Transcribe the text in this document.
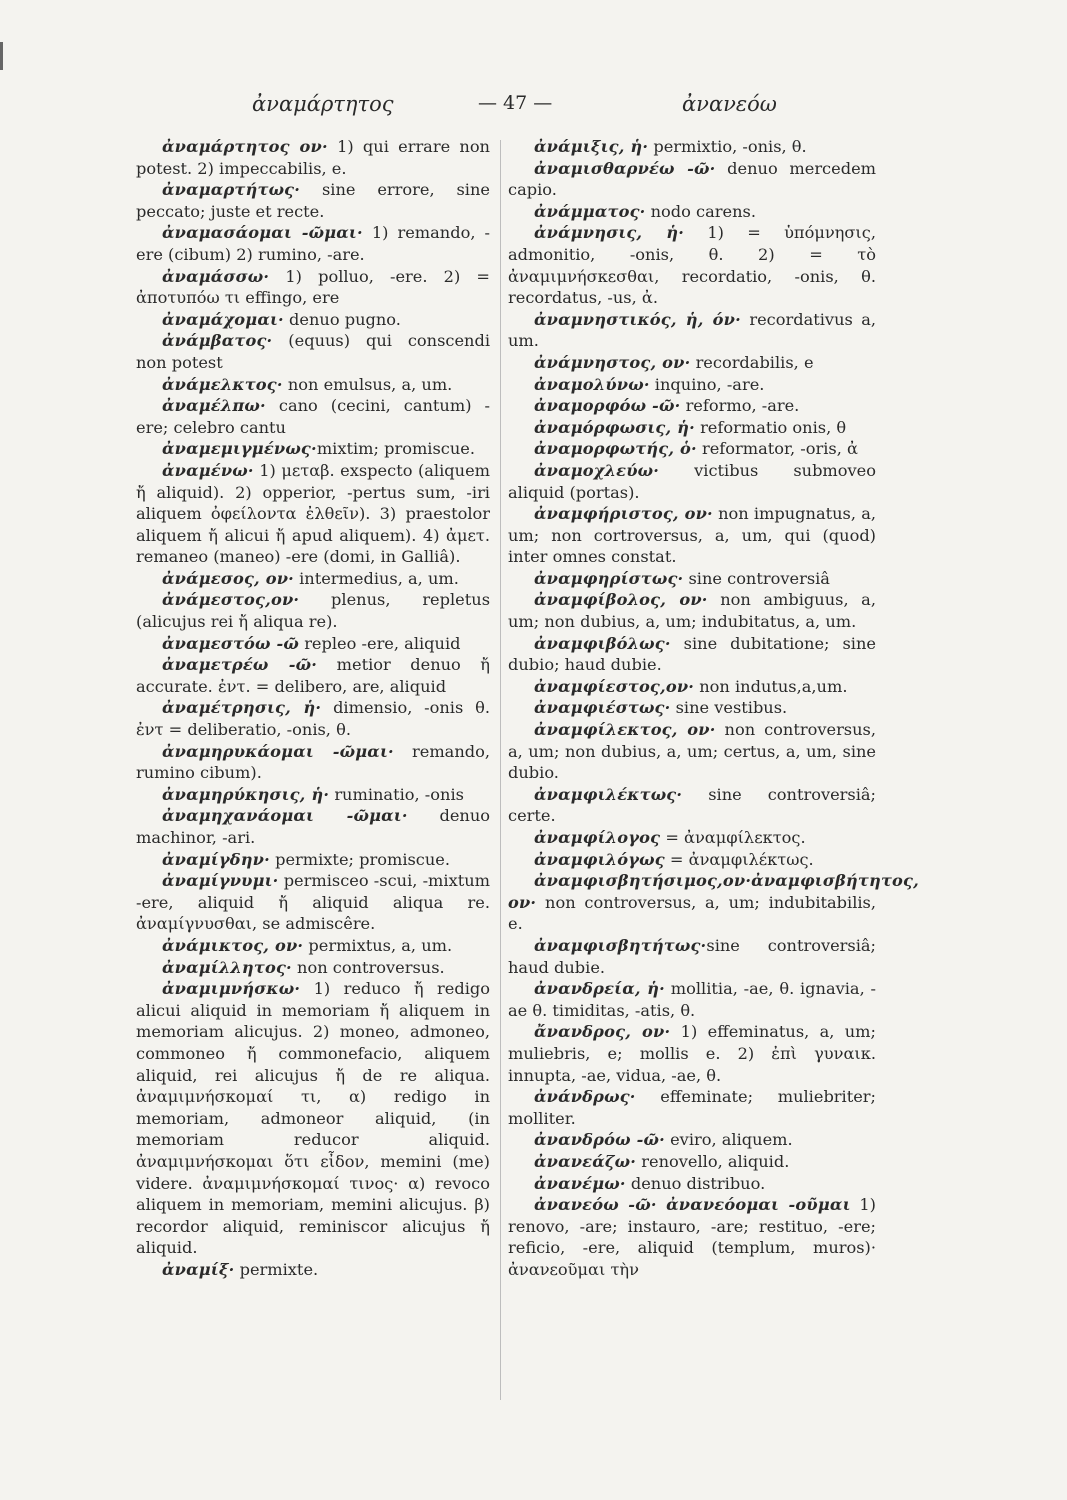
ἀναμάρτητος	— 47 —	ἀνανεόω

ἀναμάρτητος ον· 1) qui errare non potest. 2) impeccabilis, e.

ἀναμαρτήτως· sine errore, sine peccato; juste et recte.

ἀναμασάομαι -ῶμαι· 1) remando, -ere (cibum) 2) rumino, -are.

ἀναμάσσω· 1) polluo, -ere. 2) = ἀποτυπόω τι effingo, ere

ἀναμάχομαι· denuo pugno.

ἀνάμβατος· (equus) qui conscendi non potest

ἀνάμελκτος· non emulsus, a, um.

ἀναμέλπω· cano (cecini, cantum) -ere; celebro cantu

ἀναμεμιγμένως·mixtim; promiscue.

ἀναμένω· 1) μεταβ. exspecto (aliquem ἤ aliquid). 2) opperior, -pertus sum, -iri aliquem ὀφείλοντα ἐλθεῖν). 3) praestolor aliquem ἤ alicui ἤ apud aliquem). 4) ἀμετ. remaneo (maneo) -ere (domi, in Galliâ).

ἀνάμεσος, ον· intermedius, a, um.

ἀνάμεστος,ον· plenus, repletus (alicujus rei ἤ aliqua re).

ἀναμεστόω -ῶ repleo -ere, aliquid

ἀναμετρέω -ῶ· metior denuo ἤ accurate. ἐντ. = delibero, are, aliquid

ἀναμέτρησις, ἡ· dimensio, -onis θ. ἐντ = deliberatio, -onis, θ.

ἀναμηρυκάομαι -ῶμαι· remando, rumino cibum).

ἀναμηρύκησις, ἡ· ruminatio, -onis

ἀναμηχανάομαι -ῶμαι· denuo machinor, -ari.

ἀναμίγδην· permixte; promiscue.

ἀναμίγνυμι· permisceo -scui, -mixtum -ere, aliquid ἤ aliquid aliqua re. ἀναμίγνυσθαι, se admiscêre.

ἀνάμικτος, ον· permixtus, a, um.

ἀναμίλλητος· non controversus.

ἀναμιμνήσκω· 1) reduco ἤ redigo alicui aliquid in memoriam ἤ aliquem in memoriam alicujus. 2) moneo, admoneo, commoneo ἤ commonefacio, aliquem aliquid, rei alicujus ἤ de re aliqua. ἀναμιμνήσκομαί τι, α) redigo in memoriam, admoneor aliquid, (in memoriam reducor aliquid. ἀναμιμνήσκομαι ὅτι εἶδον, memini (me) videre. ἀναμιμνήσκομαί τινος· α) revoco aliquem in memoriam, memini alicujus. β) recordor aliquid, reminiscor alicujus ἤ aliquid.

ἀναμίξ· permixte.

ἀνάμιξις, ἡ· permixtio, -onis, θ.

ἀναμισθαρνέω -ῶ· denuo mercedem capio.

ἀνάμματος· nodo carens.

ἀνάμνησις, ἡ· 1) = ὑπόμνησις, admonitio, -onis, θ. 2) = τὸ ἀναμιμνήσκεσθαι, recordatio, -onis, θ. recordatus, -us, ἀ.

ἀναμνηστικός, ἡ, όν· recordativus a, um.

ἀνάμνηστος, ον· recordabilis, e

ἀναμολύνω· inquino, -are.

ἀναμορφόω -ῶ· reformo, -are.

ἀναμόρφωσις, ἡ· reformatio onis, θ

ἀναμορφωτής, ὁ· reformator, -oris, ἀ

ἀναμοχλεύω· victibus submoveo aliquid (portas).

ἀναμφήριστος, ον· non impugnatus, a, um; non cortroversus, a, um, qui (quod) inter omnes constat.

ἀναμφηρίστως· sine controversiâ

ἀναμφίβολος, ον· non ambiguus, a, um; non dubius, a, um; indubitatus, a, um.

ἀναμφιβόλως· sine dubitatione; sine dubio; haud dubie.

ἀναμφίεστος,ον· non indutus,a,um.

ἀναμφιέστως· sine vestibus.

ἀναμφίλεκτος, ον· non controversus, a, um; non dubius, a, um; certus, a, um, sine dubio.

ἀναμφιλέκτως· sine controversiâ; certe.

ἀναμφίλογος = ἀναμφίλεκτος.

ἀναμφιλόγως = ἀναμφιλέκτως.

ἀναμφισβητήσιμος,ον·ἀναμφισβήτητος, ον· non controversus, a, um; indubitabilis, e.

ἀναμφισβητήτως·sine controversiâ; haud dubie.

ἀνανδρεία, ἡ· mollitia, -ae, θ. ignavia, -ae θ. timiditas, -atis, θ.

ἄνανδρος, ον· 1) effeminatus, a, um; muliebris, e; mollis e. 2) ἐπὶ γυναικ. innupta, -ae, vidua, -ae, θ.

ἀνάνδρως· effeminate; muliebriter; molliter.

ἀνανδρόω -ῶ· eviro, aliquem.

ἀνανεάζω· renovello, aliquid.

ἀνανέμω· denuo distribuo.

ἀνανεόω -ῶ· ἀνανεόομαι -οῦμαι 1) renovo, -are; instauro, -are; restituo, -ere; reficio, -ere, aliquid (templum, muros)· ἀνανεοῦμαι τὴν
